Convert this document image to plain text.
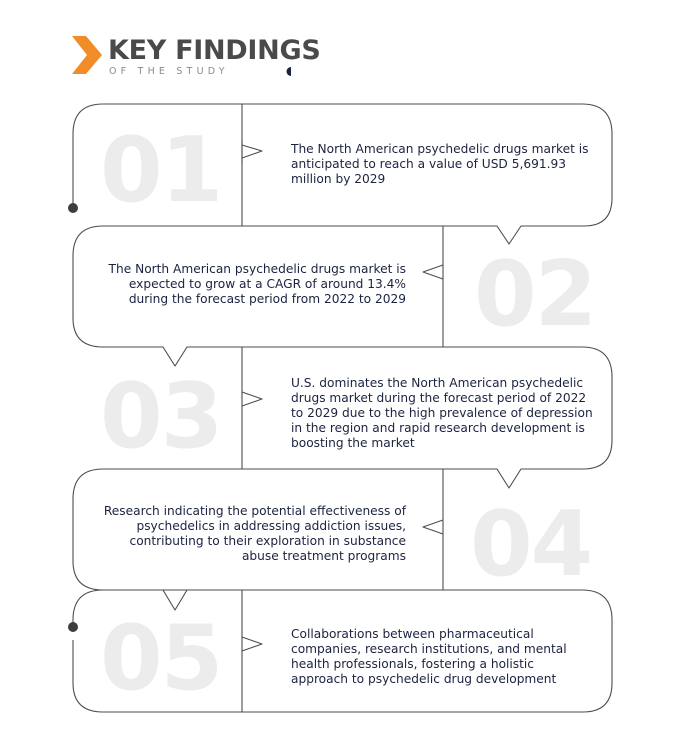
KEY FINDINGS
OF THE STUDY
01	The North American psychedelic drugs market is anticipated to reach a value of USD 5,691.93 million by 2029
02
The North American psychedelic drugs market is expected to grow at a CAGR of around 13.4% during the forecast period from 2022 to 2029
03	U.S. dominates the North American psychedelic drugs market during the forecast period of 2022 to 2029 due to the high prevalence of depression in the region and rapid research development is boosting the market
04
Research indicating the potential effectiveness of psychedelics in addressing addiction issues, contributing to their exploration in substance abuse treatment programs
05	Collaborations between pharmaceutical companies, research institutions, and mental health professionals, fostering a holistic approach to psychedelic drug development
